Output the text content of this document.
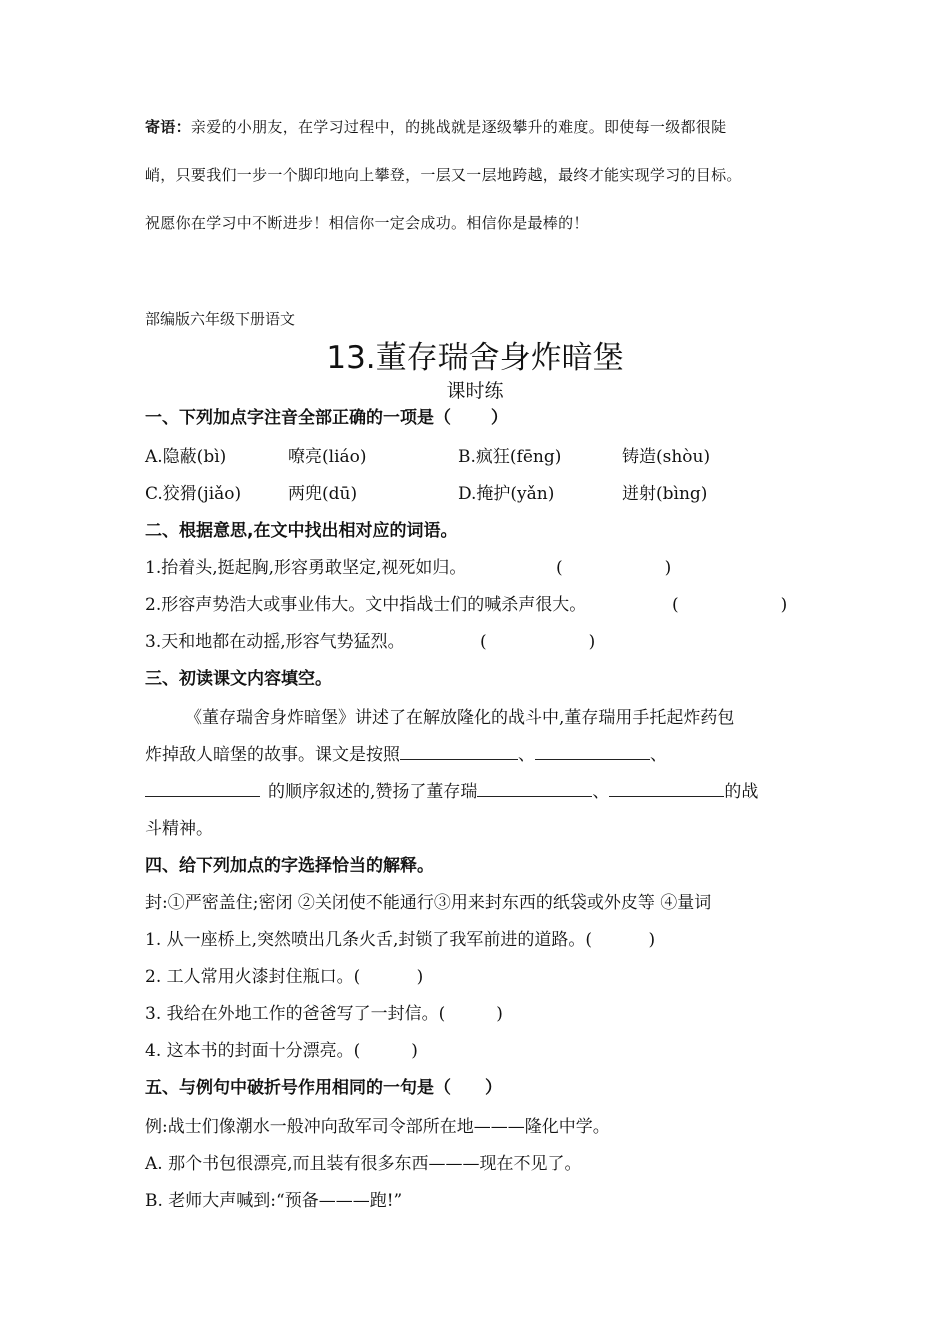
寄语：亲爱的小朋友，在学习过程中，的挑战就是逐级攀升的难度。即使每一级都很陡
峭，只要我们一步一个脚印地向上攀登，一层又一层地跨越，最终才能实现学习的目标。
祝愿你在学习中不断进步！相信你一定会成功。相信你是最棒的！
部编版六年级下册语文
13.董存瑞舍身炸暗堡
课时练
一、下列加点字注音全部正确的一项是（　　 ）
A.隐蔽(bì)	嘹亮(liáo)	B.疯狂(fēng)	铸造(shòu)
C.狡猾(jiǎo)	两兜(dū)	D.掩护(yǎn)	迸射(bìng)
二、根据意思,在文中找出相对应的词语。
1.抬着头,挺起胸,形容勇敢坚定,视死如归。	(　　　　　　)
2.形容声势浩大或事业伟大。文中指战士们的喊杀声很大。	(　　　　　　)
3.天和地都在动摇,形容气势猛烈。	(　　　　　　)
三、初读课文内容填空。
《董存瑞舍身炸暗堡》讲述了在解放隆化的战斗中,董存瑞用手托起炸药包
炸掉敌人暗堡的故事。课文是按照	、	、
的顺序叙述的,赞扬了董存瑞	、	的战
斗精神。
四、给下列加点的字选择恰当的解释。
封:①严密盖住;密闭 ②关闭使不能通行③用来封东西的纸袋或外皮等 ④量词
1. 从一座桥上,突然喷出几条火舌,封锁了我军前进的道路。(　　　 )
2. 工人常用火漆封住瓶口。(　　　 )
3. 我给在外地工作的爸爸写了一封信。(　　　)
4. 这本书的封面十分漂亮。(　　　)
五、与例句中破折号作用相同的一句是（　　）
例:战士们像潮水一般冲向敌军司令部所在地———隆化中学。
A. 那个书包很漂亮,而且装有很多东西———现在不见了。
B. 老师大声喊到:“预备———跑!”
